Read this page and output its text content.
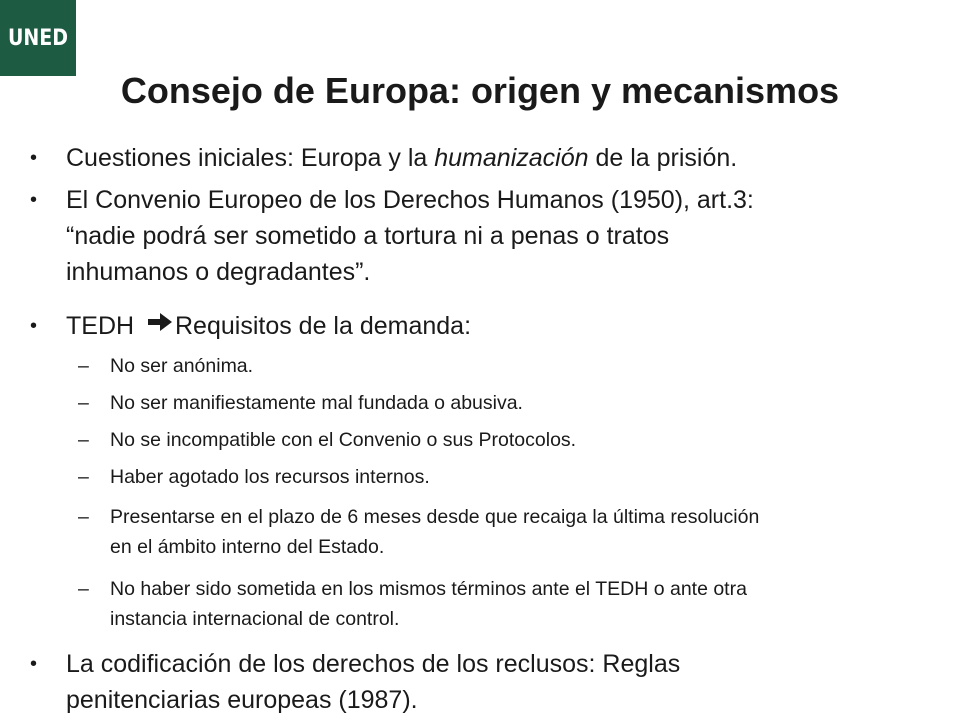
UNED
Consejo de Europa: origen y mecanismos
• Cuestiones iniciales: Europa y la humanización de la prisión.
• El Convenio Europeo de los Derechos Humanos (1950), art.3:
“nadie podrá ser sometido a tortura ni a penas o tratos
inhumanos o degradantes”.
• TEDH Requisitos de la demanda:
– No ser anónima.
– No ser manifiestamente mal fundada o abusiva.
– No se incompatible con el Convenio o sus Protocolos.
– Haber agotado los recursos internos.
– Presentarse en el plazo de 6 meses desde que recaiga la última resolución
en el ámbito interno del Estado.
– No haber sido sometida en los mismos términos ante el TEDH o ante otra
instancia internacional de control.
• La codificación de los derechos de los reclusos: Reglas
penitenciarias europeas (1987).
